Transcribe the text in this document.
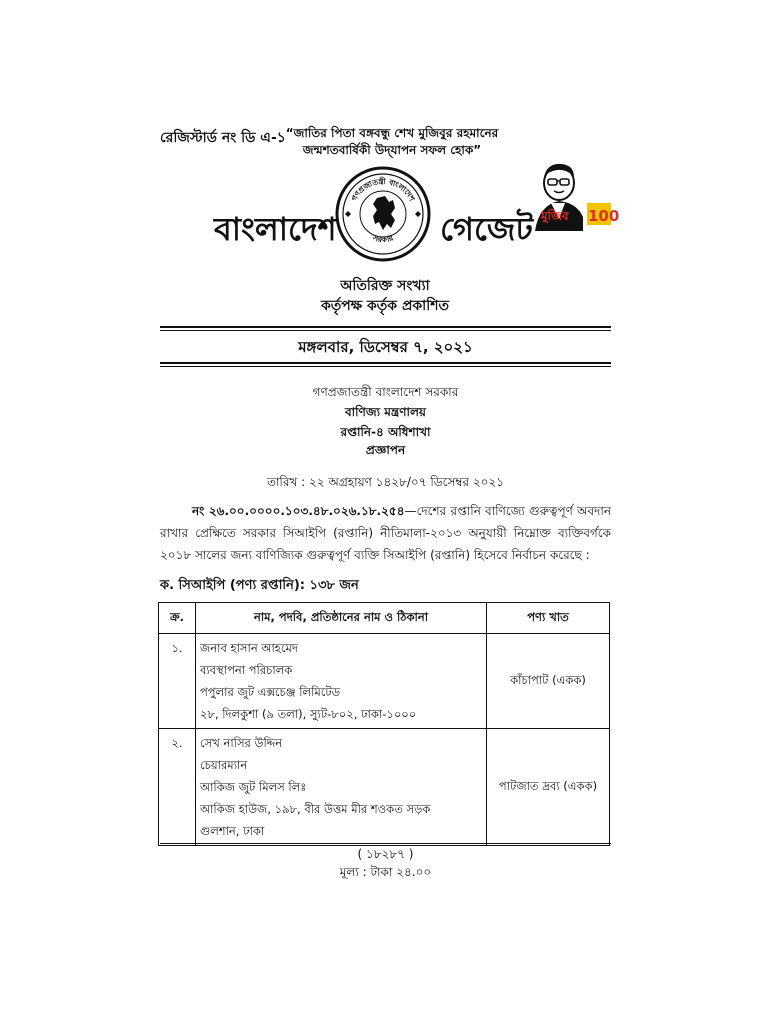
রেজিস্টার্ড নং ডি এ-১ “জাতির পিতা বঙ্গবন্ধু শেখ মুজিবুর রহমানের
জন্মশতবার্ষিকী উদ্‌যাপন সফল হোক”
বাংলাদেশ
গণপ্রজাতন্ত্রী বাংলাদেশ
সরকার গেজেট মুজিব
বর্ষ
100
অতিরিক্ত সংখ্যা
কর্তৃপক্ষ কর্তৃক প্রকাশিত
মঙ্গলবার, ডিসেম্বর ৭, ২০২১
গণপ্রজাতন্ত্রী বাংলাদেশ সরকার
বাণিজ্য মন্ত্রণালয়
রপ্তানি-৪ অধিশাখা
প্রজ্ঞাপন
তারিখ : ২২ অগ্রহায়ণ ১৪২৮/০৭ ডিসেম্বর ২০২১
নং ২৬.০০.০০০০.১০৩.৪৮.০২৬.১৮.২৫৪—দেশের রপ্তানি বাণিজ্যে গুরুত্বপূর্ণ অবদান রাখার প্রেক্ষিতে সরকার সিআইপি (রপ্তানি) নীতিমালা-২০১৩ অনুযায়ী নিম্নোক্ত ব্যক্তিবর্গকে ২০১৮ সালের জন্য বাণিজ্যিক গুরুত্বপূর্ণ ব্যক্তি সিআইপি (রপ্তানি) হিসেবে নির্বাচন করেছে :
ক. সিআইপি (পণ্য রপ্তানি): ১৩৮ জন
ক্র.	নাম, পদবি, প্রতিষ্ঠানের নাম ও ঠিকানা	পণ্য খাত
১.	জনাব হাসান আহমেদ
ব্যবস্থাপনা পরিচালক
পপুলার জুট এক্সচেঞ্জ লিমিটেড
২৮, দিলকুশা (৯ তলা), স্যুট-৮০২, ঢাকা-১০০০	কাঁচাপাট (একক)
২.	সেখ নাসির উদ্দিন
চেয়ারম্যান
আকিজ জুট মিলস লিঃ
আকিজ হাউজ, ১৯৮, বীর উত্তম মীর শওকত সড়ক
গুলশান, ঢাকা	পাটজাত দ্রব্য (একক)
( ১৮২৮৭ )
মূল্য : টাকা ২৪.০০
